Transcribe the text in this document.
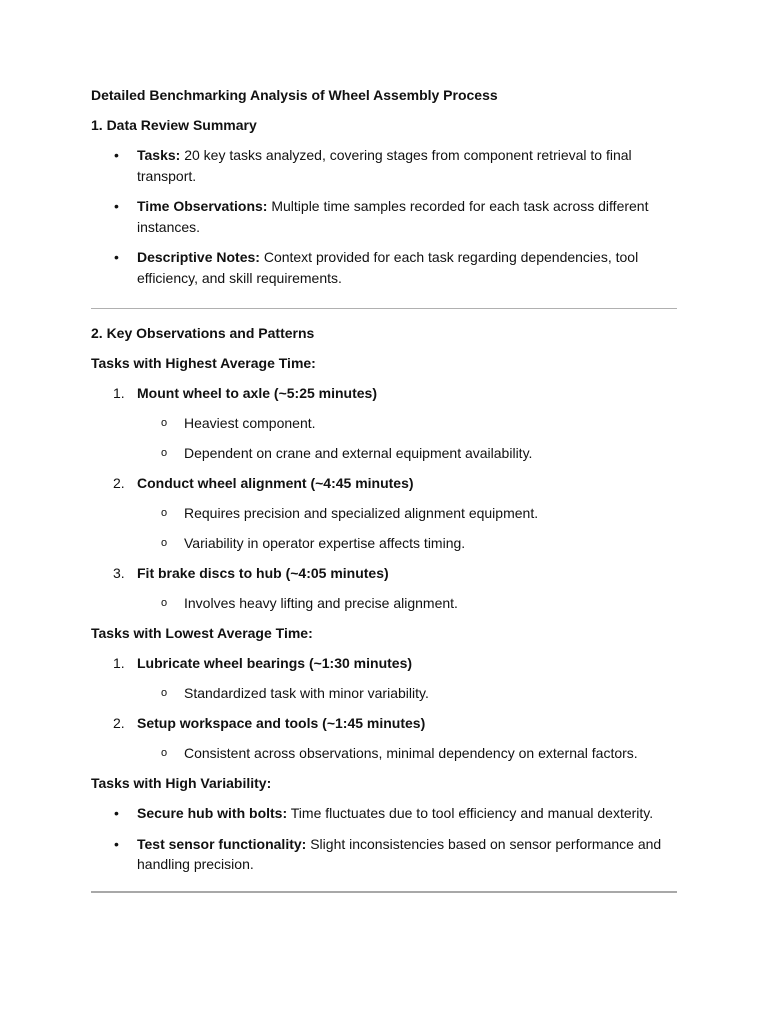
Detailed Benchmarking Analysis of Wheel Assembly Process
1. Data Review Summary
• Tasks: 20 key tasks analyzed, covering stages from component retrieval to final transport.
• Time Observations: Multiple time samples recorded for each task across different instances.
• Descriptive Notes: Context provided for each task regarding dependencies, tool efficiency, and skill requirements.
2. Key Observations and Patterns
Tasks with Highest Average Time:
1. Mount wheel to axle (~5:25 minutes)
o Heaviest component.
o Dependent on crane and external equipment availability.
2. Conduct wheel alignment (~4:45 minutes)
o Requires precision and specialized alignment equipment.
o Variability in operator expertise affects timing.
3. Fit brake discs to hub (~4:05 minutes)
o Involves heavy lifting and precise alignment.
Tasks with Lowest Average Time:
1. Lubricate wheel bearings (~1:30 minutes)
o Standardized task with minor variability.
2. Setup workspace and tools (~1:45 minutes)
o Consistent across observations, minimal dependency on external factors.
Tasks with High Variability:
• Secure hub with bolts: Time fluctuates due to tool efficiency and manual dexterity.
• Test sensor functionality: Slight inconsistencies based on sensor performance and handling precision.
